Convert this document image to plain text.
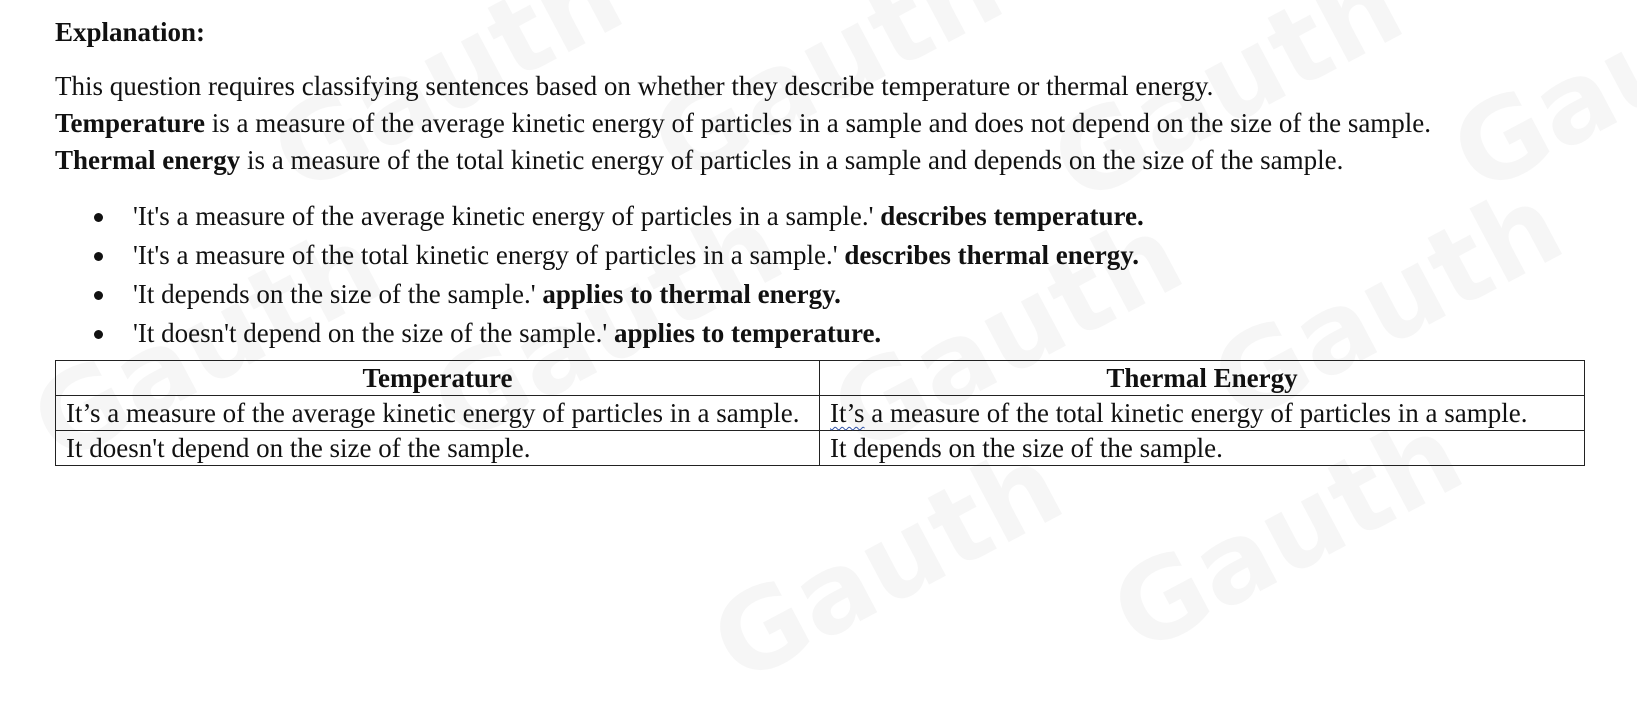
Explanation:

This question requires classifying sentences based on whether they describe temperature or thermal energy.

Temperature is a measure of the average kinetic energy of particles in a sample and does not depend on the size of the sample.

Thermal energy is a measure of the total kinetic energy of particles in a sample and depends on the size of the sample.

'It's a measure of the average kinetic energy of particles in a sample.' describes temperature.
'It's a measure of the total kinetic energy of particles in a sample.' describes thermal energy.
'It depends on the size of the sample.' applies to thermal energy.
'It doesn't depend on the size of the sample.' applies to temperature.
Temperature	Thermal Energy
It’s a measure of the average kinetic energy of particles in a sample.	It’s a measure of the total kinetic energy of particles in a sample.
It doesn't depend on the size of the sample.	It depends on the size of the sample.
